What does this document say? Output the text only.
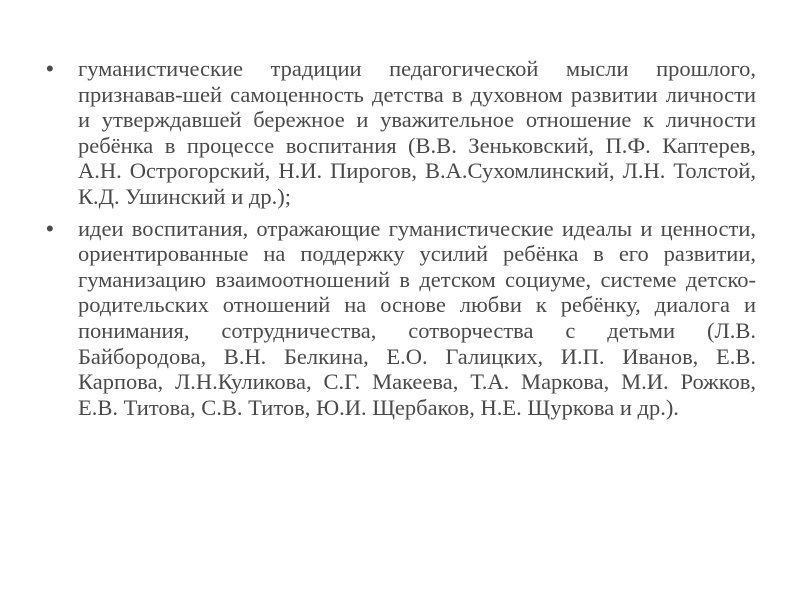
• гуманистические традиции педагогической мысли прошлого, признавав-шей самоценность детства в духовном развитии личности и утверждавшей бережное и уважительное отношение к личности ребёнка в процессе воспитания (В.В. Зеньковский, П.Ф. Каптерев, А.Н. Острогорский, Н.И. Пирогов, В.А.Сухомлинский, Л.Н. Толстой, К.Д. Ушинский и др.);
• идеи воспитания, отражающие гуманистические идеалы и ценности, ориентированные на поддержку усилий ребёнка в его развитии, гуманизацию взаимоотношений в детском социуме, системе детско-родительских отношений на основе любви к ребёнку, диалога и понимания, сотрудничества, сотворчества с детьми (Л.В. Байбородова, В.Н. Белкина, Е.О. Галицких, И.П. Иванов, Е.В. Карпова, Л.Н.Куликова, С.Г. Макеева, Т.А. Маркова, М.И. Рожков, Е.В. Титова, С.В. Титов, Ю.И. Щербаков, Н.Е. Щуркова и др.).
